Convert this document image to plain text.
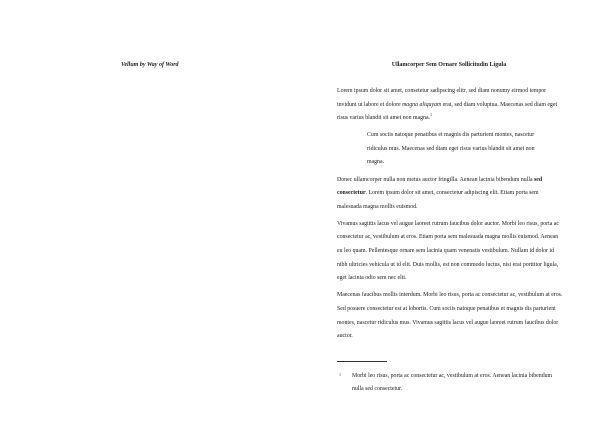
Vellum by Way of Word	Ullamcorper Sem Ornare Sollicitudin Ligula

Lorem ipsum dolor sit amet, consetetur sadipscing elitr, sed diam nonumy eirmod tempor invidunt ut labore et dolore magna aliquyam erat, sed diam voluptua. Maecenas sed diam eget risus varius blandit sit amet non magna.$^1$

Cum sociis natoque penatibus et magnis dis parturient montes, nascetur ridiculus mus. Maecenas sed diam eget risus varius blandit sit amet non magna.

Donec ullamcorper nulla non metus auctor fringilla. Aenean lacinia bibendum nulla sed consectetur. Lorem ipsum dolor sit amet, consectetur adipiscing elit. Etiam porta sem malesuada magna mollis euismod.

Vivamus sagittis lacus vel augue laoreet rutrum faucibus dolor auctor. Morbi leo risus, porta ac consectetur ac, vestibulum at eros. Etiam porta sem malesuada magna mollis euismod. Aenean eu leo quam. Pellentesque ornare sem lacinia quam venenatis vestibulum. Nullam id dolor id nibh ultricies vehicula ut id elit. Duis mollis, est non commodo luctus, nisi erat porttitor ligula, eget lacinia odio sem nec elit.

Maecenas faucibus mollis interdum. Morbi leo risus, porta ac consectetur ac, vestibulum at eros. Sed posuere consectetur est at lobortis. Cum sociis natoque penatibus et magnis dis parturient montes, nascetur ridiculus mus. Vivamus sagittis lacus vel augue laoreet rutrum faucibus dolor auctor.

1	Morbi leo risus, porta ac consectetur ac, vestibulum at eros. Aenean lacinia bibendum nulla sed consectetur.
